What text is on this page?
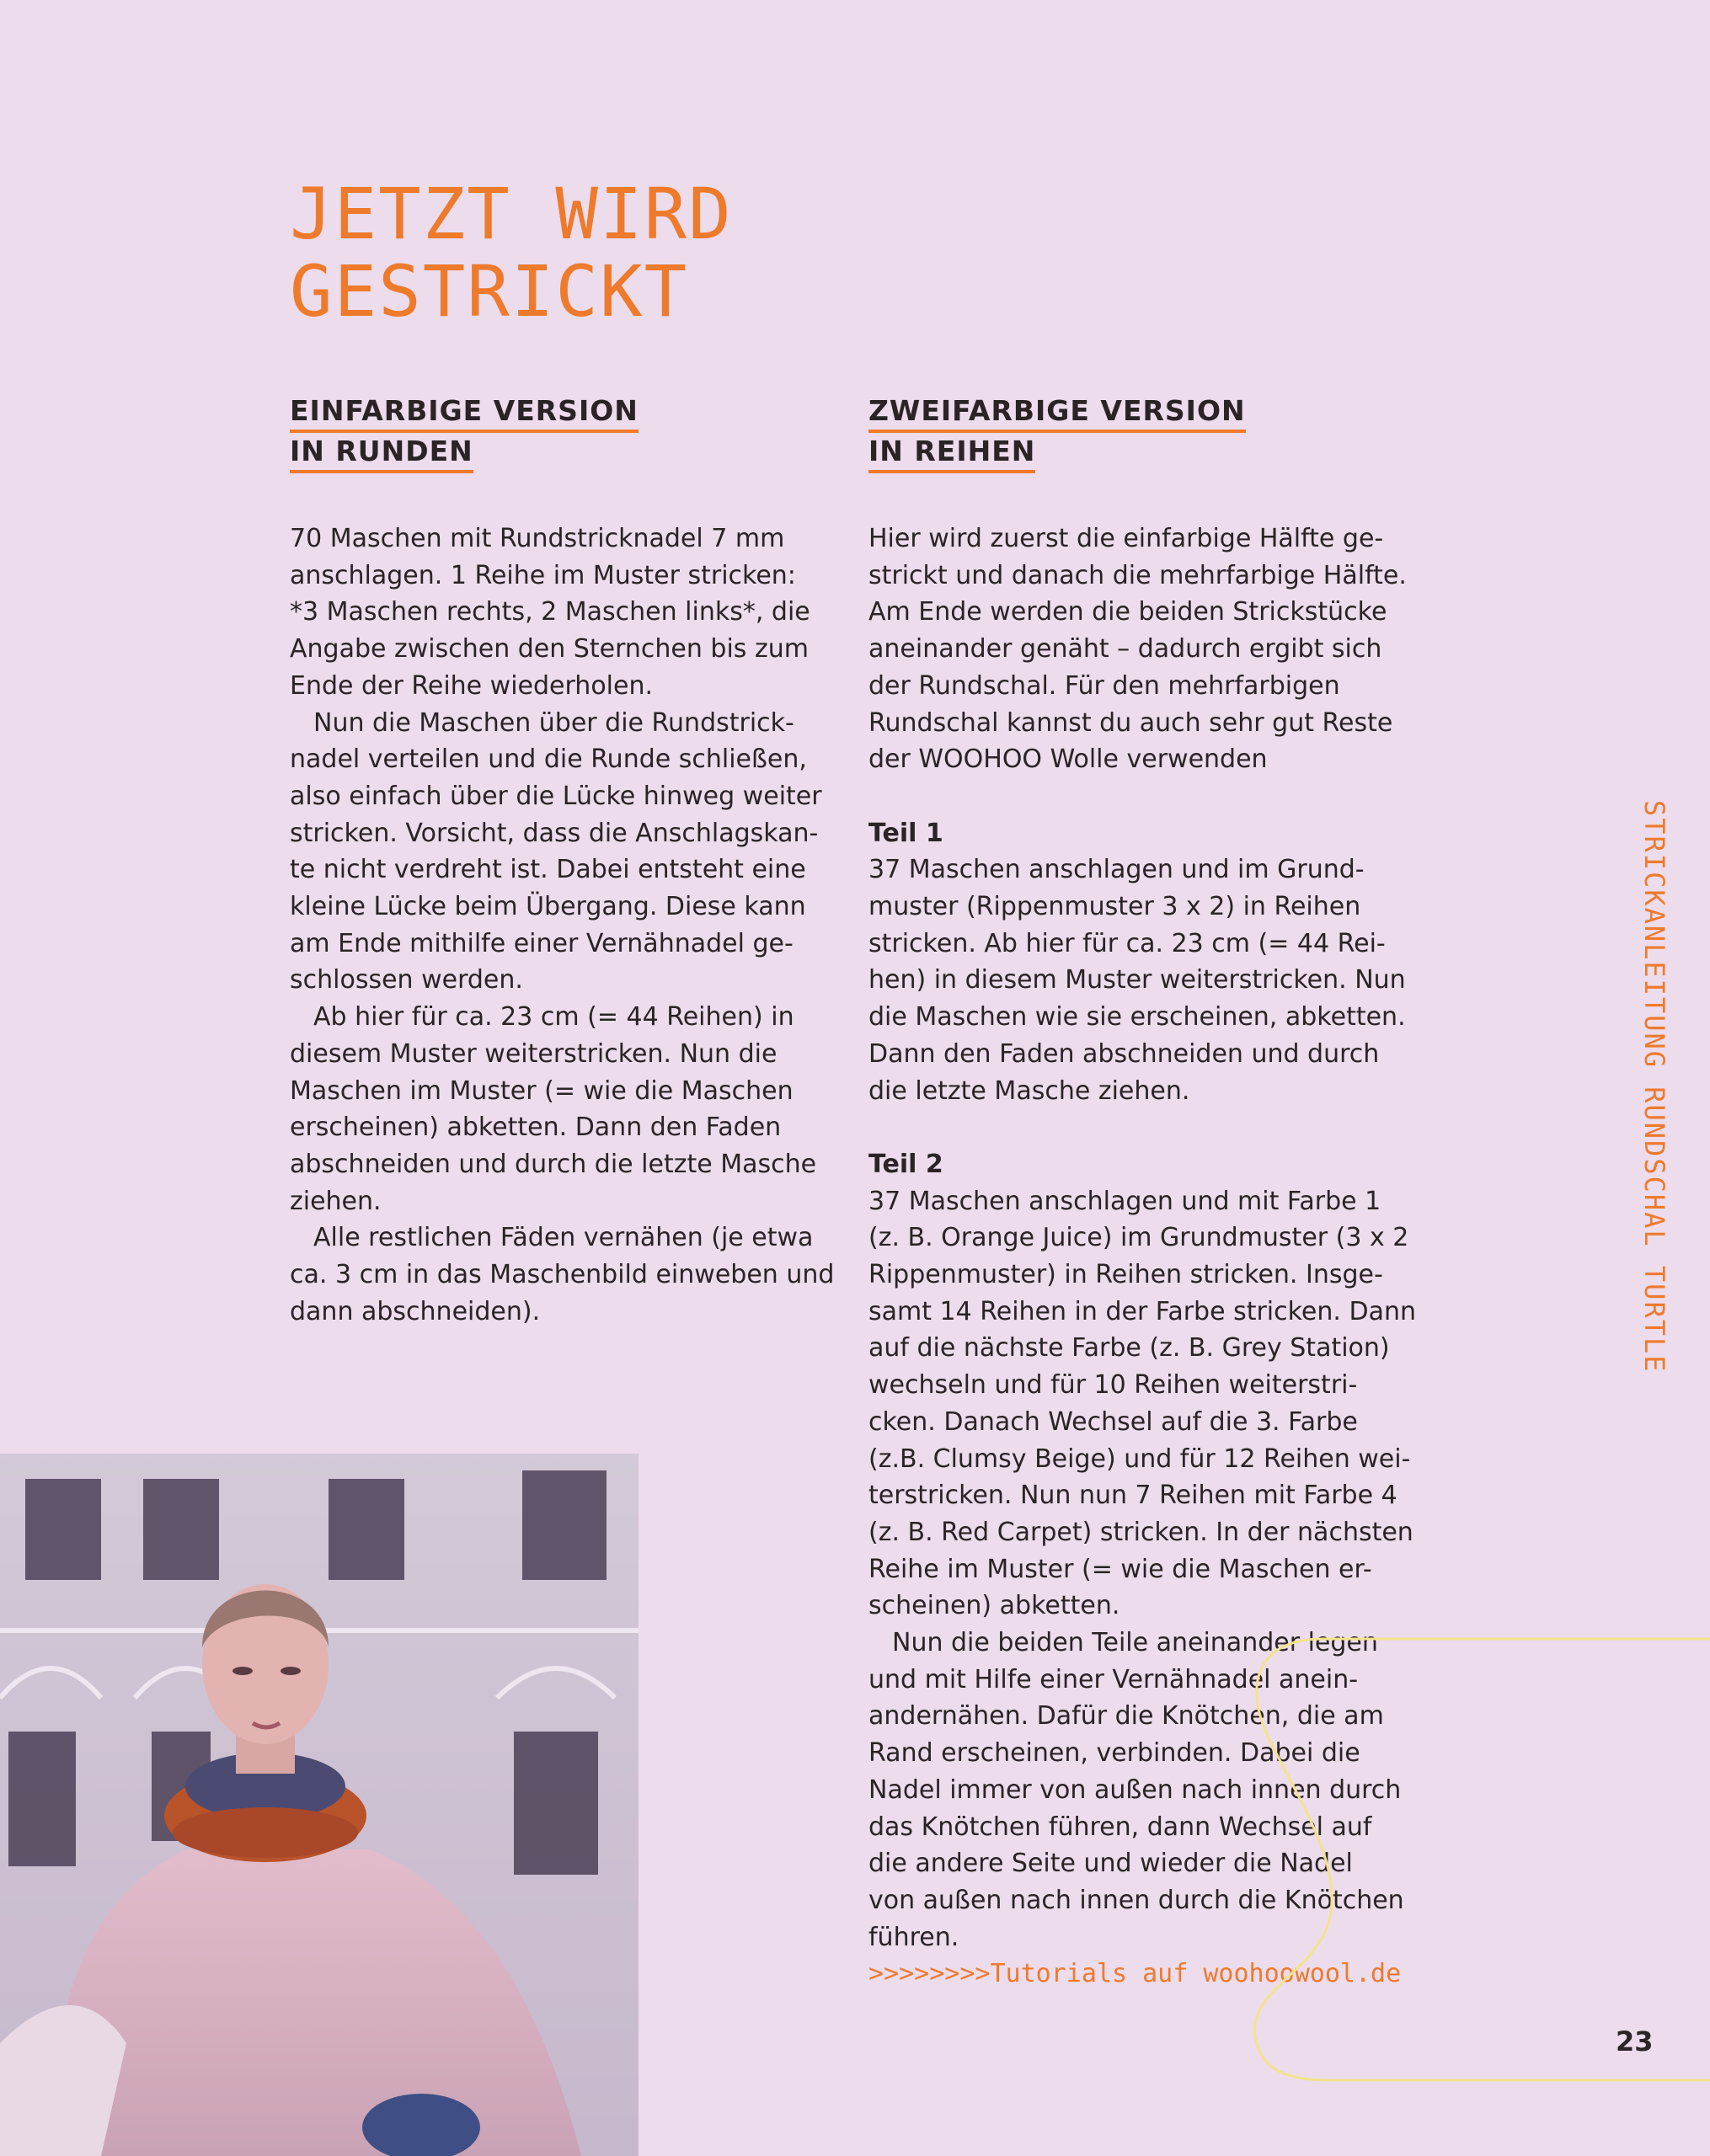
JETZT WIRD
GESTRICKT
EINFARBIGE VERSION
IN RUNDEN

70 Maschen mit Rundstricknadel 7 mm
anschlagen. 1 Reihe im Muster stricken:
*3 Maschen rechts, 2 Maschen links*, die
Angabe zwischen den Sternchen bis zum
Ende der Reihe wiederholen.

Nun die Maschen über die Rundstrick-
nadel verteilen und die Runde schließen,
also einfach über die Lücke hinweg weiter
stricken. Vorsicht, dass die Anschlagskan-
te nicht verdreht ist. Dabei entsteht eine
kleine Lücke beim Übergang. Diese kann
am Ende mithilfe einer Vernähnadel ge-
schlossen werden.

Ab hier für ca. 23 cm (= 44 Reihen) in
diesem Muster weiterstricken. Nun die
Maschen im Muster (= wie die Maschen
erscheinen) abketten. Dann den Faden
abschneiden und durch die letzte Masche
ziehen.

Alle restlichen Fäden vernähen (je etwa
ca. 3 cm in das Maschenbild einweben und
dann abschneiden).

ZWEIFARBIGE VERSION
IN REIHEN

Hier wird zuerst die einfarbige Hälfte ge-
strickt und danach die mehrfarbige Hälfte.
Am Ende werden die beiden Strickstücke
aneinander genäht – dadurch ergibt sich
der Rundschal. Für den mehrfarbigen
Rundschal kannst du auch sehr gut Reste
der WOOHOO Wolle verwenden

Teil 1

37 Maschen anschlagen und im Grund-
muster (Rippenmuster 3 x 2) in Reihen
stricken. Ab hier für ca. 23 cm (= 44 Rei-
hen) in diesem Muster weiterstricken. Nun
die Maschen wie sie erscheinen, abketten.
Dann den Faden abschneiden und durch
die letzte Masche ziehen.

Teil 2

37 Maschen anschlagen und mit Farbe 1
(z. B. Orange Juice) im Grundmuster (3 x 2
Rippenmuster) in Reihen stricken. Insge-
samt 14 Reihen in der Farbe stricken. Dann
auf die nächste Farbe (z. B. Grey Station)
wechseln und für 10 Reihen weiterstri-
cken. Danach Wechsel auf die 3. Farbe
(z.B. Clumsy Beige) und für 12 Reihen wei-
terstricken. Nun nun 7 Reihen mit Farbe 4
(z. B. Red Carpet) stricken. In der nächsten
Reihe im Muster (= wie die Maschen er-
scheinen) abketten.

Nun die beiden Teile aneinander legen
und mit Hilfe einer Vernähnadel anein-
andernähen. Dafür die Knötchen, die am
Rand erscheinen, verbinden. Dabei die
Nadel immer von außen nach innen durch
das Knötchen führen, dann Wechsel auf
die andere Seite und wieder die Nadel
von außen nach innen durch die Knötchen
führen.

>>>>>>>>Tutorials auf woohoowool.de

STRICKANLEITUNG RUNDSCHAL TURTLE
23
